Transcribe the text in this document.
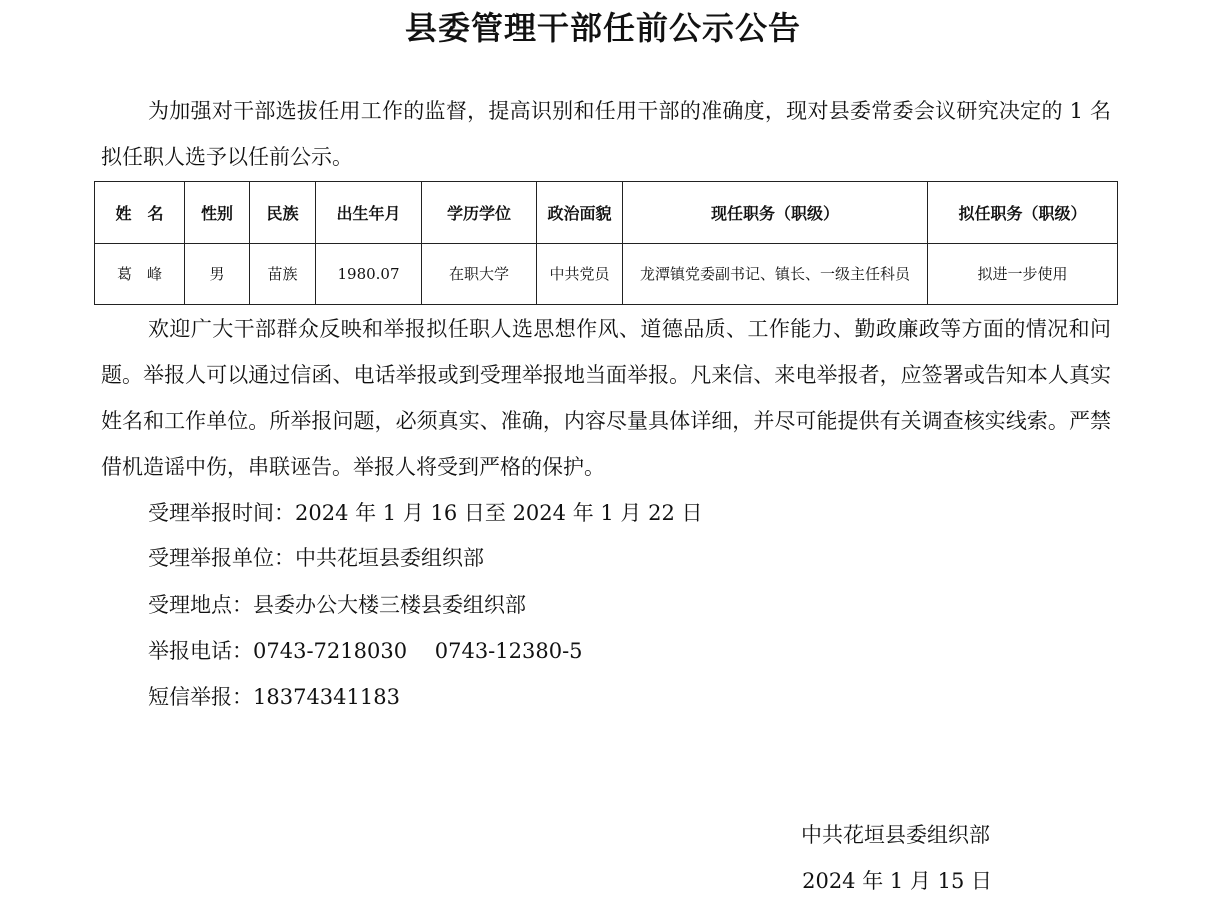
县委管理干部任前公示公告

为加强对干部选拔任用工作的监督，提高识别和任用干部的准确度，现对县委常委会议研究决定的 1 名拟任职人选予以任前公示。

姓　名	性别	民族	出生年月	学历学位	政治面貌	现任职务（职级）	拟任职务（职级）
葛　峰	男	苗族	1980.07	在职大学	中共党员	龙潭镇党委副书记、镇长、一级主任科员	拟进一步使用

欢迎广大干部群众反映和举报拟任职人选思想作风、道德品质、工作能力、勤政廉政等方面的情况和问题。举报人可以通过信函、电话举报或到受理举报地当面举报。凡来信、来电举报者，应签署或告知本人真实姓名和工作单位。所举报问题，必须真实、准确，内容尽量具体详细，并尽可能提供有关调查核实线索。严禁借机造谣中伤，串联诬告。举报人将受到严格的保护。

受理举报时间：2024 年 1 月 16 日至 2024 年 1 月 22 日
受理举报单位：中共花垣县委组织部
受理地点：县委办公大楼三楼县委组织部
举报电话：0743-7218030　 0743-12380-5
短信举报：18374341183
中共花垣县委组织部
2024 年 1 月 15 日
